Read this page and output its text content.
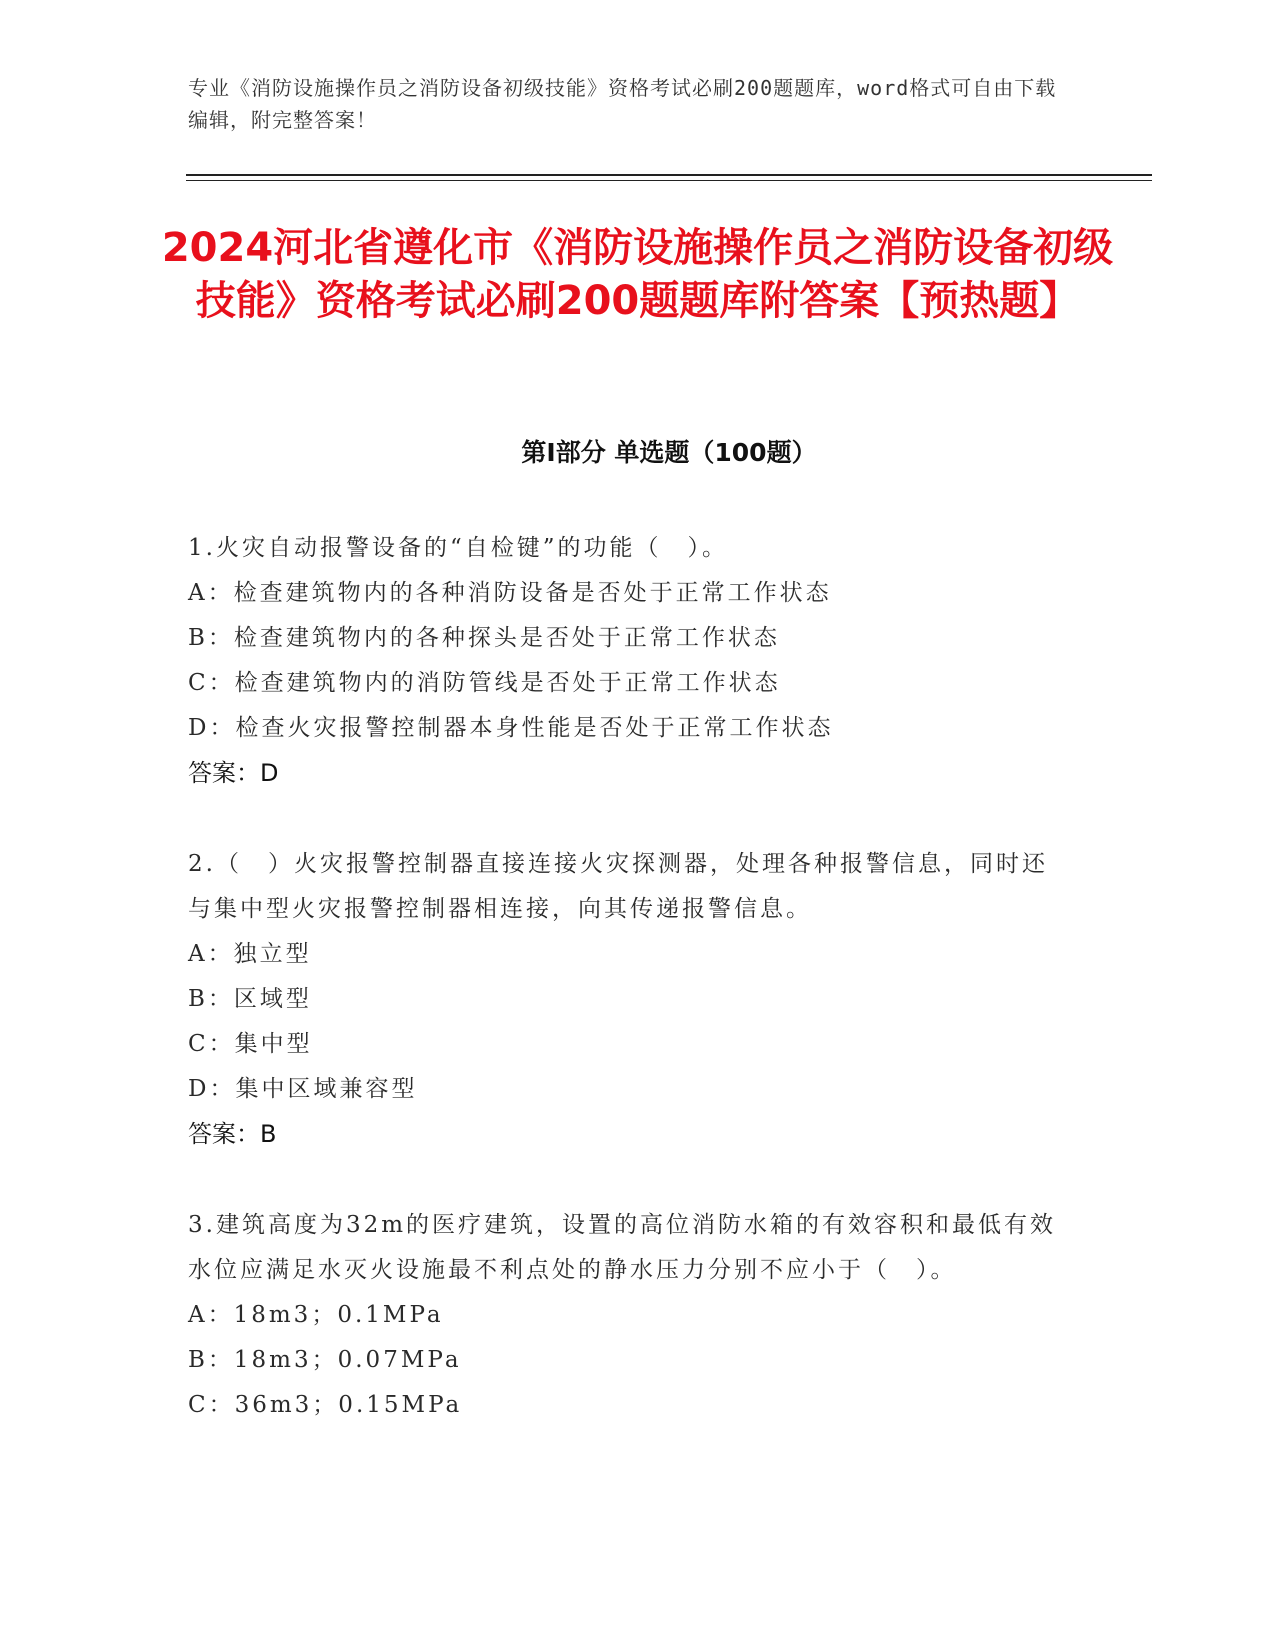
专业《消防设施操作员之消防设备初级技能》资格考试必刷200题题库，word格式可自由下载编辑，附完整答案！
2024河北省遵化市《消防设施操作员之消防设备初级技能》资格考试必刷200题题库附答案【预热题】
第I部分 单选题（100题）

1.火灾自动报警设备的“自检键”的功能（　）。

A：检查建筑物内的各种消防设备是否处于正常工作状态

B：检查建筑物内的各种探头是否处于正常工作状态

C：检查建筑物内的消防管线是否处于正常工作状态

D：检查火灾报警控制器本身性能是否处于正常工作状态

答案：D

2.（　）火灾报警控制器直接连接火灾探测器，处理各种报警信息，同时还与集中型火灾报警控制器相连接，向其传递报警信息。

A：独立型

B：区域型

C：集中型

D：集中区域兼容型

答案：B

3.建筑高度为32m的医疗建筑，设置的高位消防水箱的有效容积和最低有效水位应满足水灭火设施最不利点处的静水压力分别不应小于（　）。

A：18m3；0.1MPa

B：18m3；0.07MPa

C：36m3；0.15MPa
